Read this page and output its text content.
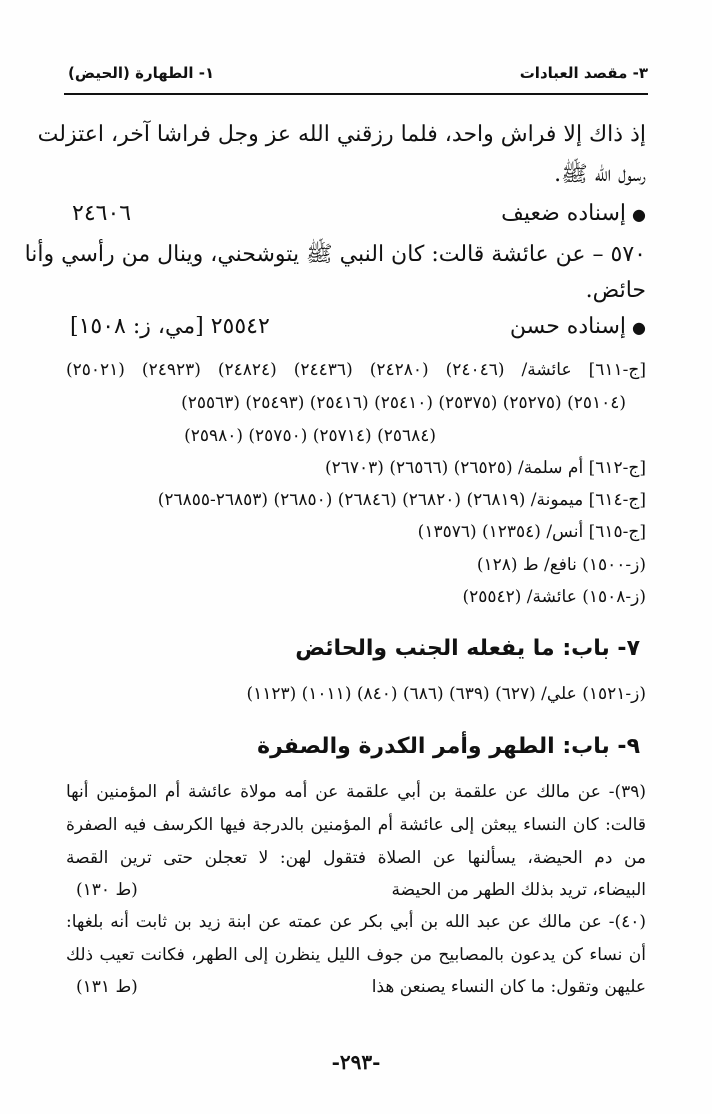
٣- مقصد العبادات
١- الطهارة (الحيض)
إذ ذاك إلا فراش واحد، فلما رزقني الله عز وجل فراشا آخر، اعتزلت
رسول الله ﷺ.
●إسناده ضعيف
٢٤٦٠٦
٥٧٠ – عن عائشة قالت: كان النبي ﷺ يتوشحني، وينال من رأسي وأنا
حائض.
●إسناده حسن
٢٥٥٤٢ [مي، ز: ١٥٠٨]
[ج-٦١١] عائشة/ (٢٤٠٤٦) (٢٤٢٨٠) (٢٤٤٣٦) (٢٤٨٢٤) (٢٤٩٢٣) (٢٥٠٢١)
(٢٥١٠٤) (٢٥٢٧٥) (٢٥٣٧٥) (٢٥٤١٠) (٢٥٤١٦) (٢٥٤٩٣) (٢٥٥٦٣)
(٢٥٦٨٤) (٢٥٧١٤) (٢٥٧٥٠) (٢٥٩٨٠)
[ج-٦١٢] أم سلمة/ (٢٦٥٢٥) (٢٦٥٦٦) (٢٦٧٠٣)
[ج-٦١٤] ميمونة/ (٢٦٨١٩) (٢٦٨٢٠) (٢٦٨٤٦) (٢٦٨٥٠) (٢٦٨٥٣-٢٦٨٥٥)
[ج-٦١٥] أنس/ (١٢٣٥٤) (١٣٥٧٦)
(ز-١٥٠٠) نافع/ ط (١٢٨)
(ز-١٥٠٨) عائشة/ (٢٥٥٤٢)
٧- باب: ما يفعله الجنب والحائض
(ز-١٥٢١) علي/ (٦٢٧) (٦٣٩) (٦٨٦) (٨٤٠) (١٠١١) (١١٢٣)
٩- باب: الطهر وأمر الكدرة والصفرة
(٣٩)- عن مالك عن علقمة بن أبي علقمة عن أمه مولاة عائشة أم المؤمنين أنها
قالت: كان النساء يبعثن إلى عائشة أم المؤمنين بالدرجة فيها الكرسف فيه الصفرة
من دم الحيضة، يسألنها عن الصلاة فتقول لهن: لا تعجلن حتى ترين القصة
البيضاء، تريد بذلك الطهر من الحيضة
(ط ١٣٠)
(٤٠)- عن مالك عن عبد الله بن أبي بكر عن عمته عن ابنة زيد بن ثابت أنه بلغها:
أن نساء كن يدعون بالمصابيح من جوف الليل ينظرن إلى الطهر، فكانت تعيب ذلك
عليهن وتقول: ما كان النساء يصنعن هذا
(ط ١٣١)
-٢٩٣-
